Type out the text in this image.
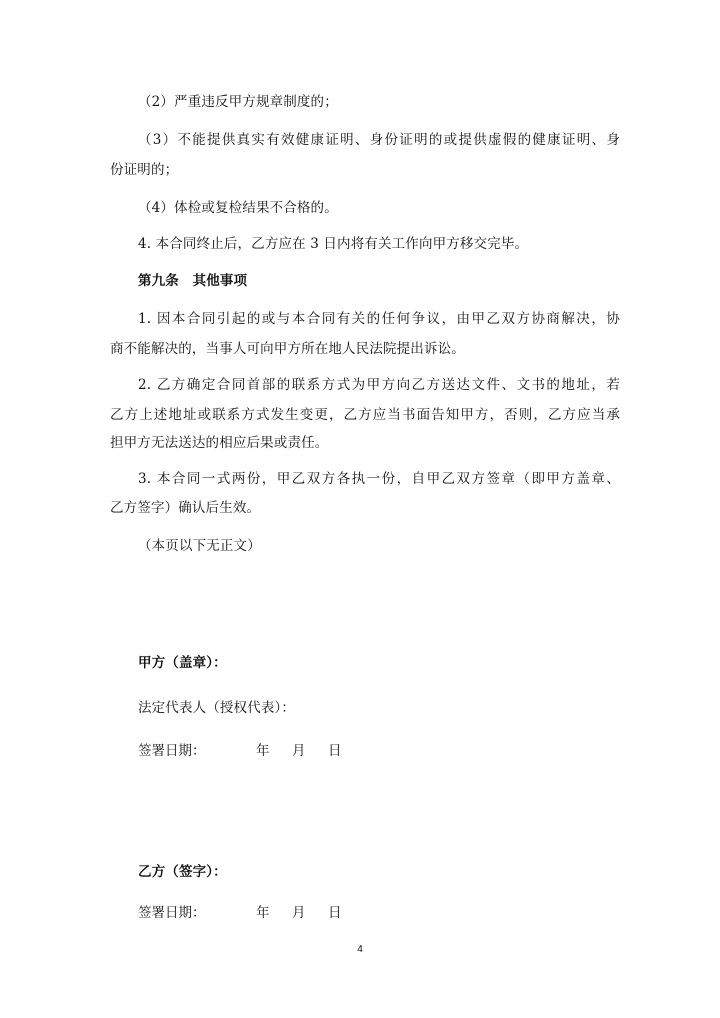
（2）严重违反甲方规章制度的；
（3）不能提供真实有效健康证明、身份证明的或提供虚假的健康证明、身
份证明的；
（4）体检或复检结果不合格的。
4. 本合同终止后，乙方应在 3 日内将有关工作向甲方移交完毕。
第九条　其他事项
1. 因本合同引起的或与本合同有关的任何争议，由甲乙双方协商解决，协
商不能解决的，当事人可向甲方所在地人民法院提出诉讼。
2. 乙方确定合同首部的联系方式为甲方向乙方送达文件、文书的地址，若
乙方上述地址或联系方式发生变更，乙方应当书面告知甲方，否则，乙方应当承
担甲方无法送达的相应后果或责任。
3. 本合同一式两份，甲乙双方各执一份，自甲乙双方签章（即甲方盖章、
乙方签字）确认后生效。
（本页以下无正文）
甲方（盖章）：
法定代表人（授权代表）：
签署日期：	年 月 日
乙方（签字）：
签署日期：	年 月 日
4
